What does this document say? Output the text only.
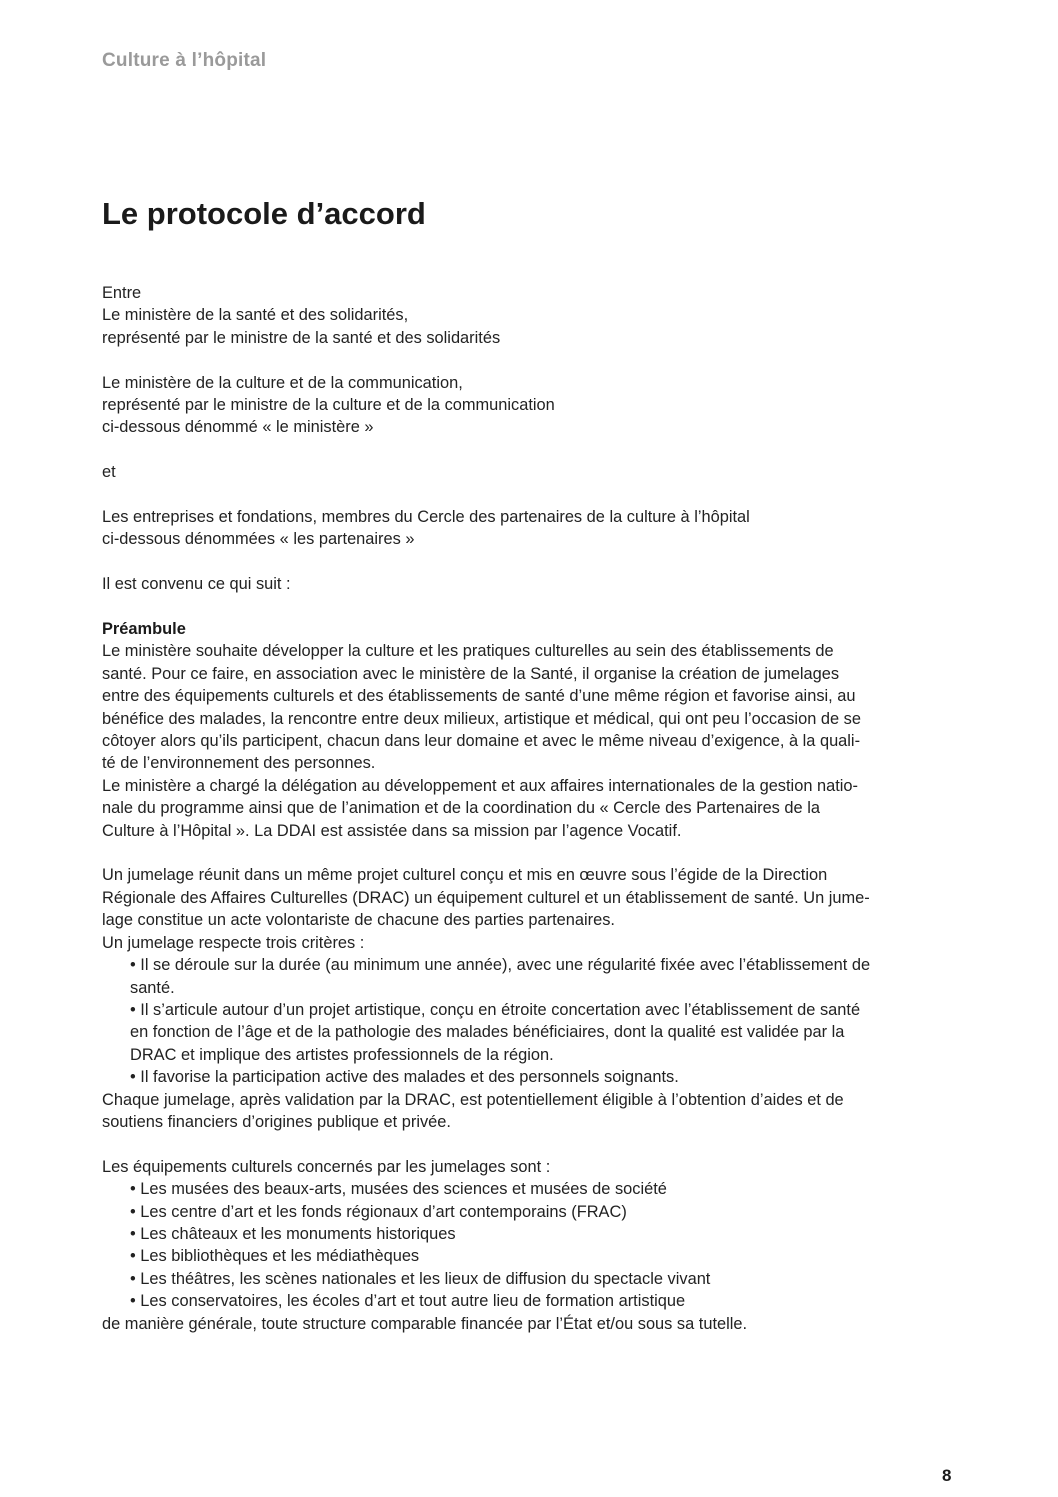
Culture à l’hôpital
Le protocole d’accord
Entre
Le ministère de la santé et des solidarités,
représenté par le ministre de la santé et des solidarités
Le ministère de la culture et de la communication,
représenté par le ministre de la culture et de la communication
ci-dessous dénommé « le ministère »
et
Les entreprises et fondations, membres du Cercle des partenaires de la culture à l’hôpital
ci-dessous dénommées « les partenaires »
Il est convenu ce qui suit :
Préambule
Le ministère souhaite développer la culture et les pratiques culturelles au sein des établissements de
santé. Pour ce faire, en association avec le ministère de la Santé, il organise la création de jumelages
entre des équipements culturels et des établissements de santé d’une même région et favorise ainsi, au
bénéfice des malades, la rencontre entre deux milieux, artistique et médical, qui ont peu l’occasion de se
côtoyer alors qu’ils participent, chacun dans leur domaine et avec le même niveau d’exigence, à la quali-
té de l’environnement des personnes.
Le ministère a chargé la délégation au développement et aux affaires internationales de la gestion natio-
nale du programme ainsi que de l’animation et de la coordination du « Cercle des Partenaires de la
Culture à l’Hôpital ». La DDAI est assistée dans sa mission par l’agence Vocatif.
Un jumelage réunit dans un même projet culturel conçu et mis en œuvre sous l’égide de la Direction
Régionale des Affaires Culturelles (DRAC) un équipement culturel et un établissement de santé. Un jume-
lage constitue un acte volontariste de chacune des parties partenaires.
Un jumelage respecte trois critères :
• Il se déroule sur la durée (au minimum une année), avec une régularité fixée avec l’établissement de
santé.
• Il s’articule autour d’un projet artistique, conçu en étroite concertation avec l’établissement de santé
en fonction de l’âge et de la pathologie des malades bénéficiaires, dont la qualité est validée par la
DRAC et implique des artistes professionnels de la région.
• Il favorise la participation active des malades et des personnels soignants.
Chaque jumelage, après validation par la DRAC, est potentiellement éligible à l’obtention d’aides et de
soutiens financiers d’origines publique et privée.
Les équipements culturels concernés par les jumelages sont :
• Les musées des beaux-arts, musées des sciences et musées de société
• Les centre d’art et les fonds régionaux d’art contemporains (FRAC)
• Les châteaux et les monuments historiques
• Les bibliothèques et les médiathèques
• Les théâtres, les scènes nationales et les lieux de diffusion du spectacle vivant
• Les conservatoires, les écoles d’art et tout autre lieu de formation artistique
de manière générale, toute structure comparable financée par l’État et/ou sous sa tutelle.
8
